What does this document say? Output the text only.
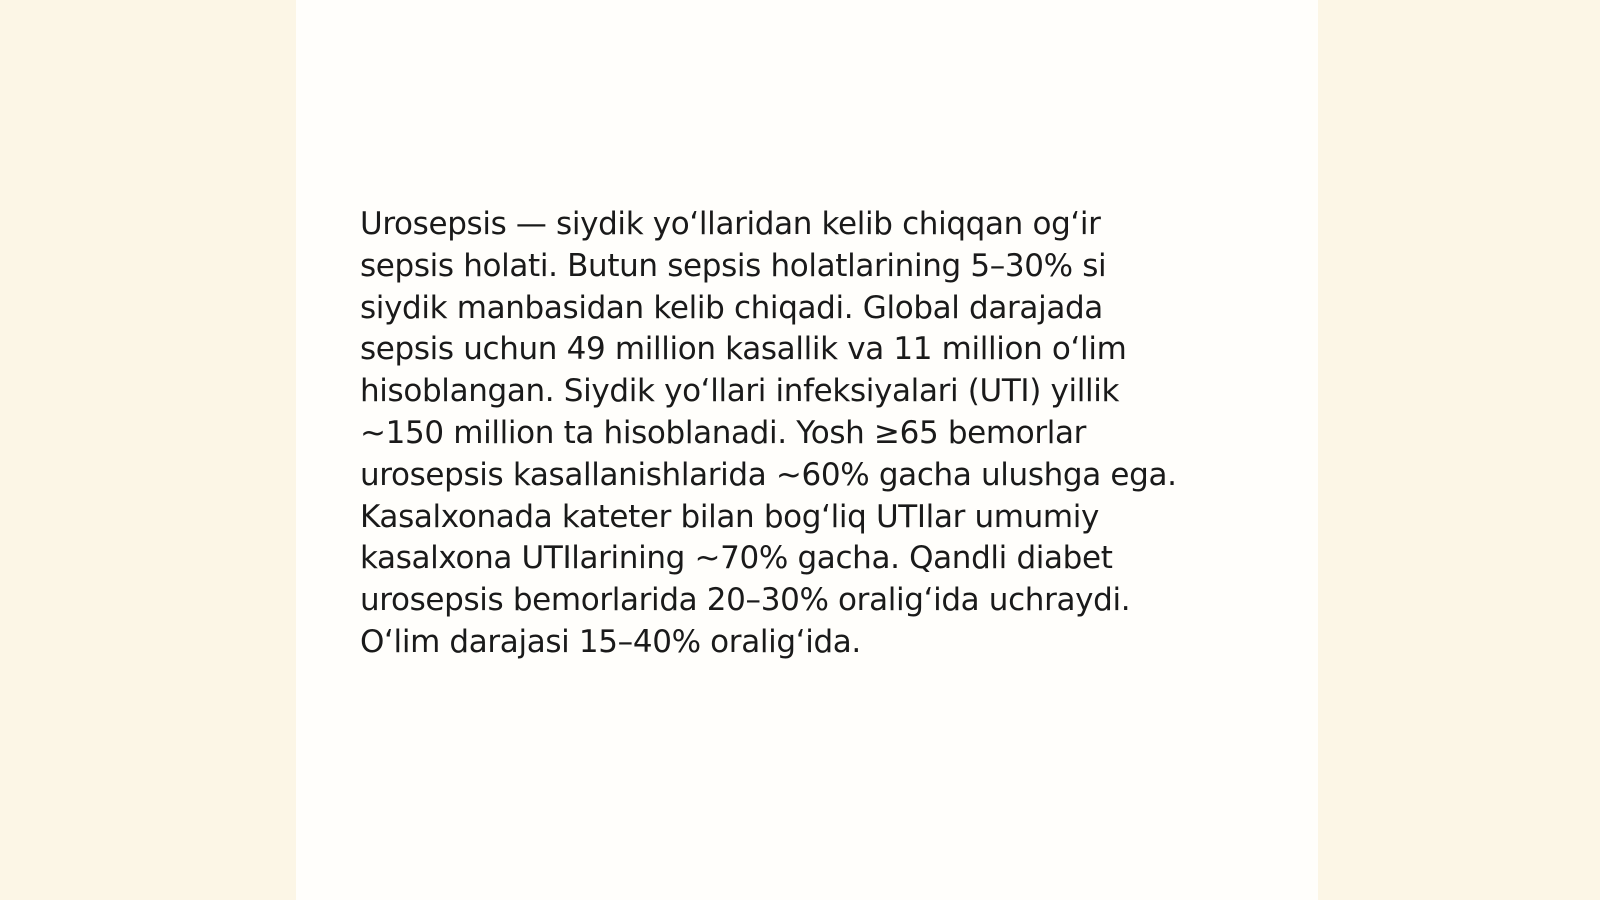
Urosepsis — siydik yoʻllaridan kelib chiqqan ogʻir
sepsis holati. Butun sepsis holatlarining 5–30% si
siydik manbasidan kelib chiqadi. Global darajada
sepsis uchun 49 million kasallik va 11 million oʻlim
hisoblangan. Siydik yoʻllari infeksiyalari (UTI) yillik
~150 million ta hisoblanadi. Yosh ≥65 bemorlar
urosepsis kasallanishlarida ~60% gacha ulushga ega.
Kasalxonada kateter bilan bogʻliq UTIlar umumiy
kasalxona UTIlarining ~70% gacha. Qandli diabet
urosepsis bemorlarida 20–30% oraligʻida uchraydi.
Oʻlim darajasi 15–40% oraligʻida.
